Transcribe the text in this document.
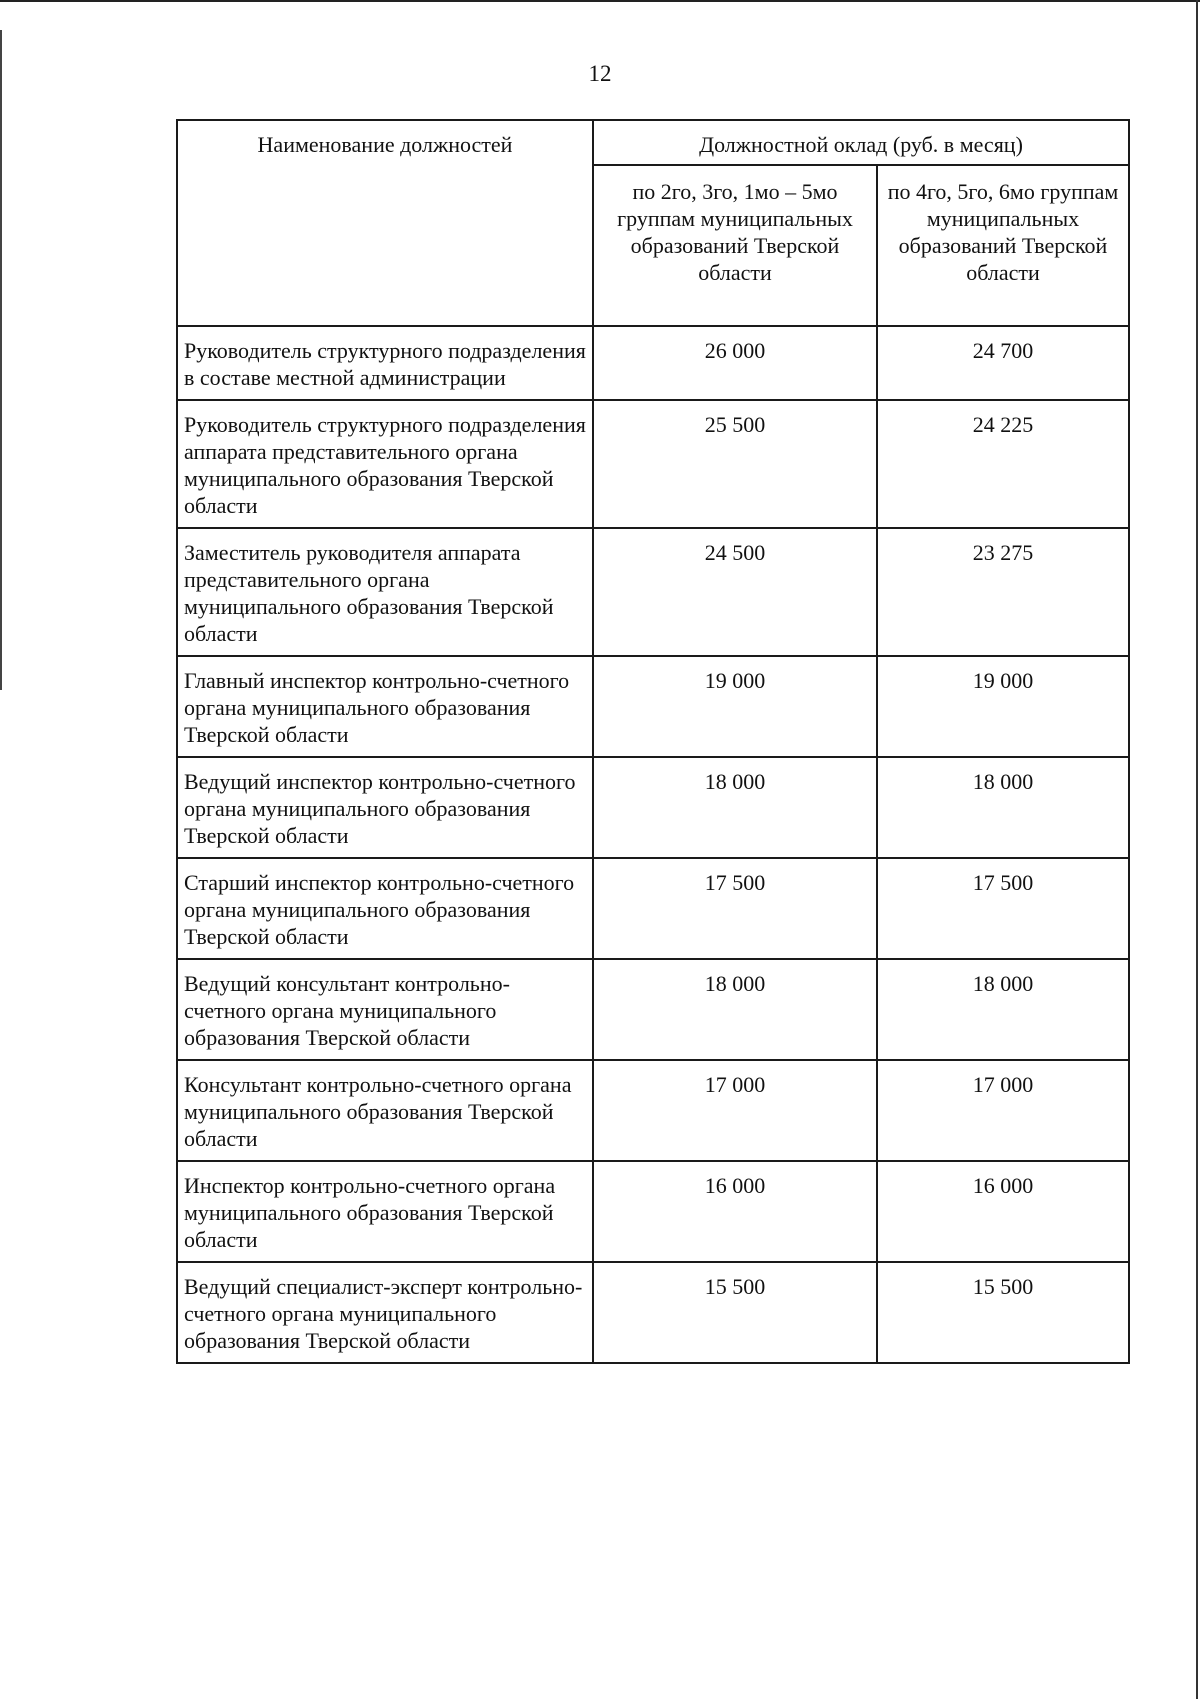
12
Наименование должностей	Должностной оклад (руб. в месяц)	
	по 2го, 3го, 1мо – 5мо группам муниципальных образований Тверской области	по 4го, 5го, 6мо группам муниципальных образований Тверской области
Руководитель структурного подразделения в составе местной администрации	26 000	24 700
Руководитель структурного подразделения аппарата представительного органа муниципального образования Тверской области	25 500	24 225
Заместитель руководителя аппарата представительного органа муниципального образования Тверской области	24 500	23 275
Главный инспектор контрольно-счетного органа муниципального образования Тверской области	19 000	19 000
Ведущий инспектор контрольно-счетного органа муниципального образования Тверской области	18 000	18 000
Старший инспектор контрольно-счетного органа муниципального образования Тверской области	17 500	17 500
Ведущий консультант контрольно-счетного органа муниципального образования Тверской области	18 000	18 000
Консультант контрольно-счетного органа муниципального образования Тверской области	17 000	17 000
Инспектор контрольно-счетного органа муниципального образования Тверской области	16 000	16 000
Ведущий специалист-эксперт контрольно-счетного органа муниципального образования Тверской области	15 500	15 500
